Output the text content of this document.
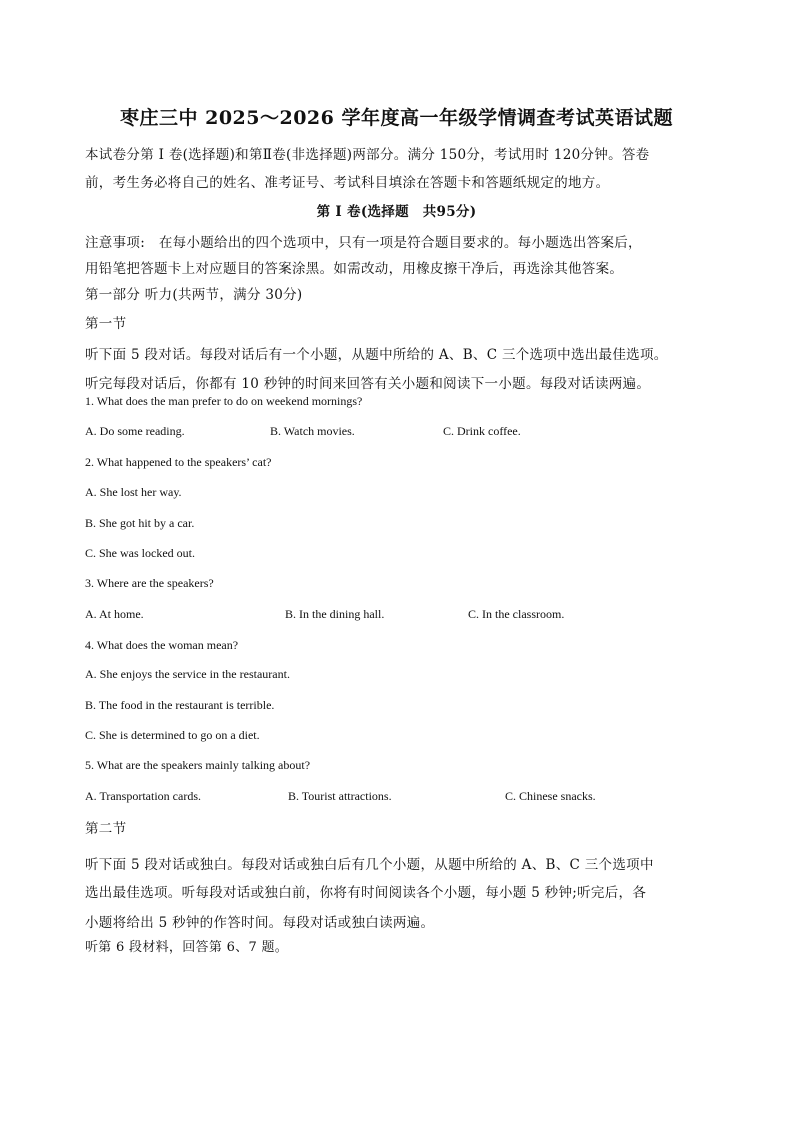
枣庄三中 2025～2026 学年度高一年级学情调查考试英语试题
本试卷分第 Ⅰ 卷(选择题)和第Ⅱ卷(非选择题)两部分。满分 150分，考试用时 120分钟。答卷
前，考生务必将自己的姓名、准考证号、考试科目填涂在答题卡和答题纸规定的地方。
第 Ⅰ 卷(选择题　共95分)
注意事项:　在每小题给出的四个选项中，只有一项是符合题目要求的。每小题选出答案后，
用铅笔把答题卡上对应题目的答案涂黑。如需改动，用橡皮擦干净后，再选涂其他答案。
第一部分 听力(共两节，满分 30分)
第一节
听下面 5 段对话。每段对话后有一个小题，从题中所给的 A、B、C 三个选项中选出最佳选项。
听完每段对话后，你都有 10 秒钟的时间来回答有关小题和阅读下一小题。每段对话读两遍。
1. What does the man prefer to do on weekend mornings?
A. Do some reading.	B. Watch movies.	C. Drink coffee.
2. What happened to the speakers’ cat?
A. She lost her way.
B. She got hit by a car.
C. She was locked out.
3. Where are the speakers?
A. At home.	B. In the dining hall.	C. In the classroom.
4. What does the woman mean?
A. She enjoys the service in the restaurant.
B. The food in the restaurant is terrible.
C. She is determined to go on a diet.
5. What are the speakers mainly talking about?
A. Transportation cards.	B. Tourist attractions.	C. Chinese snacks.
第二节
听下面 5 段对话或独白。每段对话或独白后有几个小题，从题中所给的 A、B、C 三个选项中
选出最佳选项。听每段对话或独白前，你将有时间阅读各个小题，每小题 5 秒钟;听完后，各
小题将给出 5 秒钟的作答时间。每段对话或独白读两遍。
听第 6 段材料，回答第 6、7 题。
